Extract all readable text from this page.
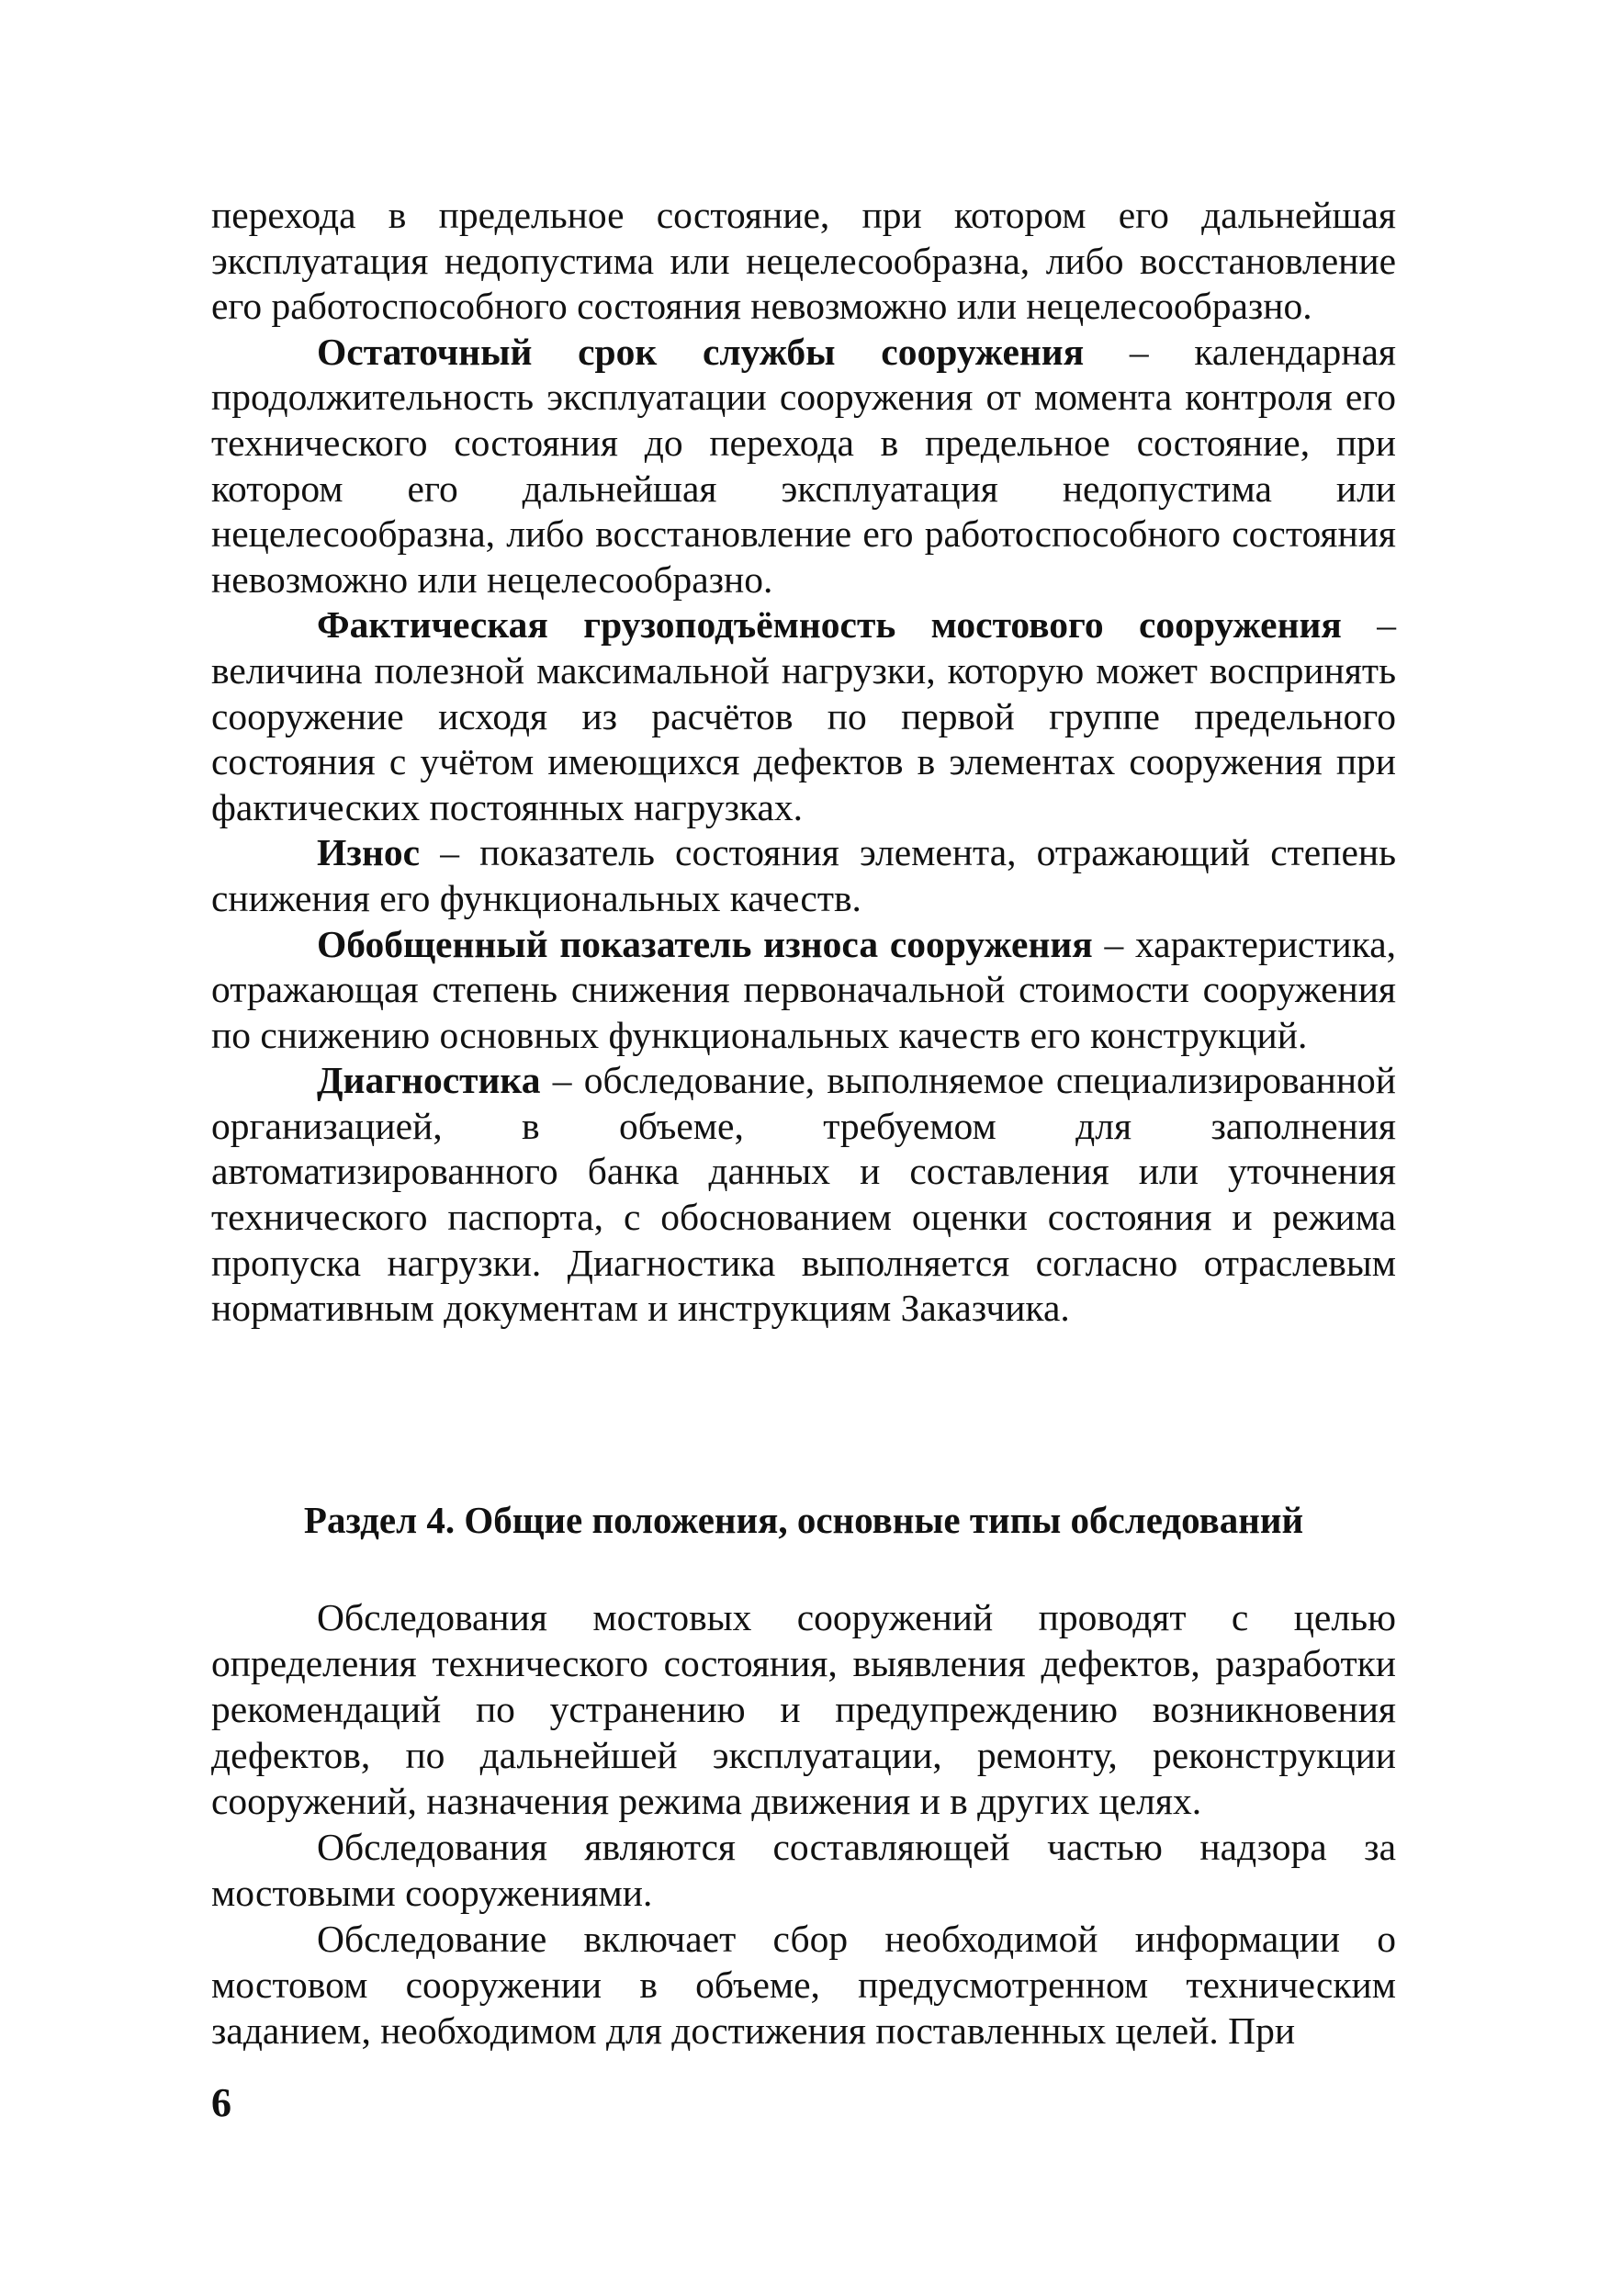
перехода в предельное состояние, при котором его дальнейшая эксплуатация недопустима или нецелесообразна, либо восстановление его работоспособного состояния невозможно или нецелесообразно.

Остаточный срок службы сооружения – календарная продолжительность эксплуатации сооружения от момента контроля его технического состояния до перехода в предельное состояние, при котором его дальнейшая эксплуатация недопустима или нецелесообразна, либо восстановление его работоспособного состояния невозможно или нецелесообразно.

Фактическая грузоподъёмность мостового сооружения – величина полезной максимальной нагрузки, которую может воспринять сооружение исходя из расчётов по первой группе предельного состояния с учётом имеющихся дефектов в элементах сооружения при фактических постоянных нагрузках.

Износ – показатель состояния элемента, отражающий степень снижения его функциональных качеств.

Обобщенный показатель износа сооружения – характеристика, отражающая степень снижения первоначальной стоимости сооружения по снижению основных функциональных качеств его конструкций.

Диагностика – обследование, выполняемое специализированной организацией, в объеме, требуемом для заполнения автоматизированного банка данных и составления или уточнения технического паспорта, с обоснованием оценки состояния и режима пропуска нагрузки. Диагностика выполняется согласно отраслевым нормативным документам и инструкциям Заказчика.

Раздел 4. Общие положения, основные типы обследований

Обследования мостовых сооружений проводят с целью определения технического состояния, выявления дефектов, разработки рекомендаций по устранению и предупреждению возникновения дефектов, по дальнейшей эксплуатации, ремонту, реконструкции сооружений, назначения режима движения и в других целях.

Обследования являются составляющей частью надзора за мостовыми сооружениями.

Обследование включает сбор необходимой информации о мостовом сооружении в объеме, предусмотренном техническим заданием, необходимом для достижения поставленных целей. При

6
